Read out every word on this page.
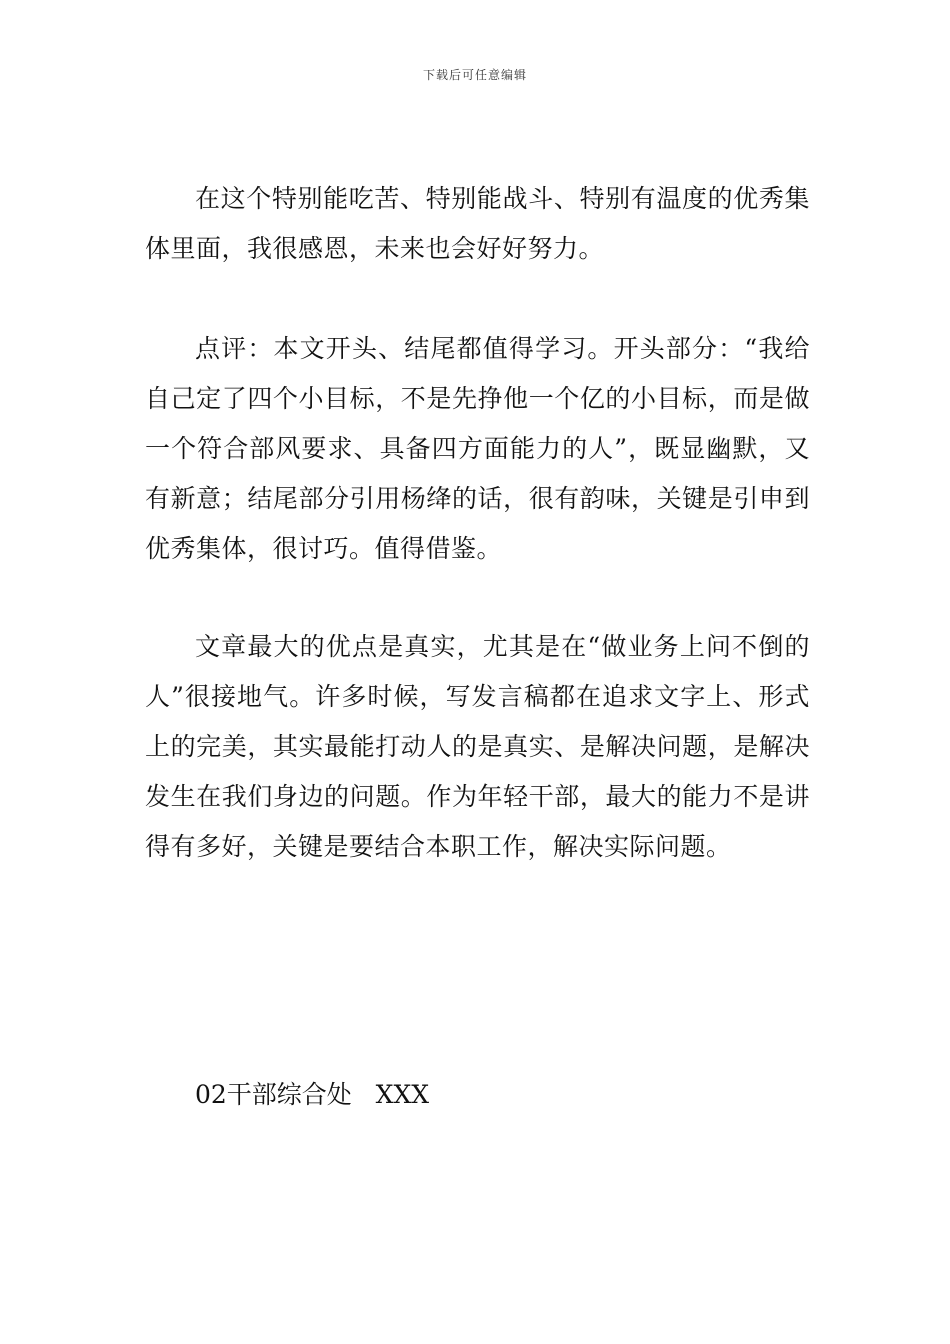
下载后可任意编辑

在这个特别能吃苦、特别能战斗、特别有温度的优秀集体里面，我很感恩，未来也会好好努力。

点评：本文开头、结尾都值得学习。开头部分：“我给自己定了四个小目标，不是先挣他一个亿的小目标，而是做一个符合部风要求、具备四方面能力的人”，既显幽默，又有新意；结尾部分引用杨绛的话，很有韵味，关键是引申到优秀集体，很讨巧。值得借鉴。

文章最大的优点是真实，尤其是在“做业务上问不倒的人”很接地气。许多时候，写发言稿都在追求文字上、形式上的完美，其实最能打动人的是真实、是解决问题，是解决发生在我们身边的问题。作为年轻干部，最大的能力不是讲得有多好，关键是要结合本职工作，解决实际问题。

02干部综合处   XXX
